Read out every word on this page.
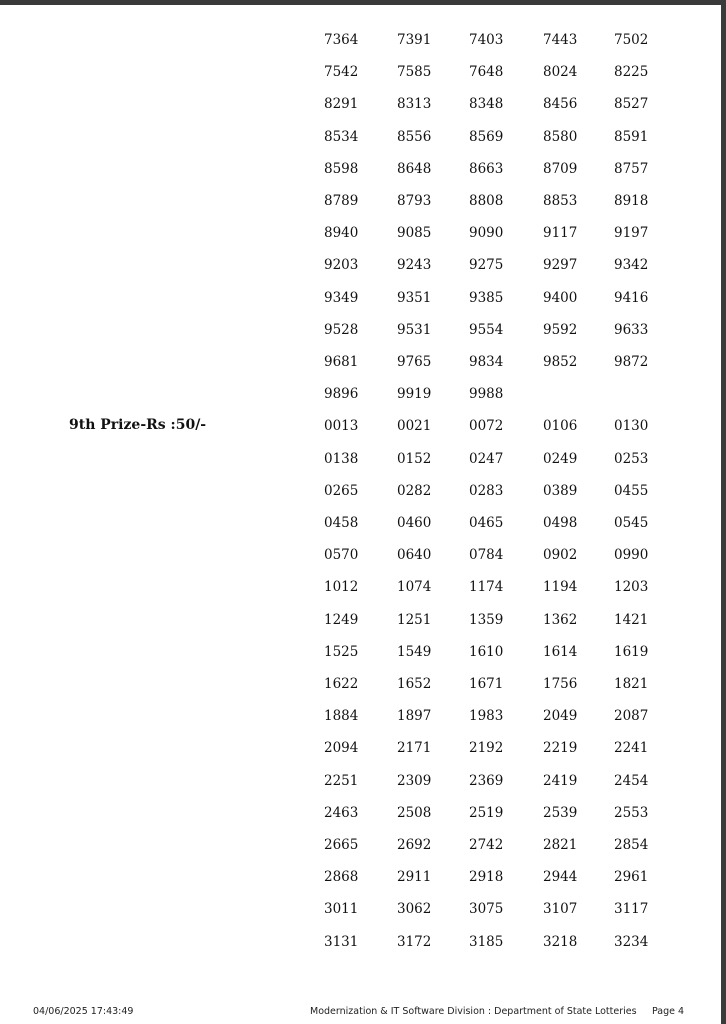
9th Prize-Rs :50/-
7364	7391	7403	7443	7502
7542	7585	7648	8024	8225
8291	8313	8348	8456	8527
8534	8556	8569	8580	8591
8598	8648	8663	8709	8757
8789	8793	8808	8853	8918
8940	9085	9090	9117	9197
9203	9243	9275	9297	9342
9349	9351	9385	9400	9416
9528	9531	9554	9592	9633
9681	9765	9834	9852	9872
9896	9919	9988
0013	0021	0072	0106	0130
0138	0152	0247	0249	0253
0265	0282	0283	0389	0455
0458	0460	0465	0498	0545
0570	0640	0784	0902	0990
1012	1074	1174	1194	1203
1249	1251	1359	1362	1421
1525	1549	1610	1614	1619
1622	1652	1671	1756	1821
1884	1897	1983	2049	2087
2094	2171	2192	2219	2241
2251	2309	2369	2419	2454
2463	2508	2519	2539	2553
2665	2692	2742	2821	2854
2868	2911	2918	2944	2961
3011	3062	3075	3107	3117
3131	3172	3185	3218	3234
04/06/2025 17:43:49	Modernization & IT Software Division : Department of State Lotteries Page 4
